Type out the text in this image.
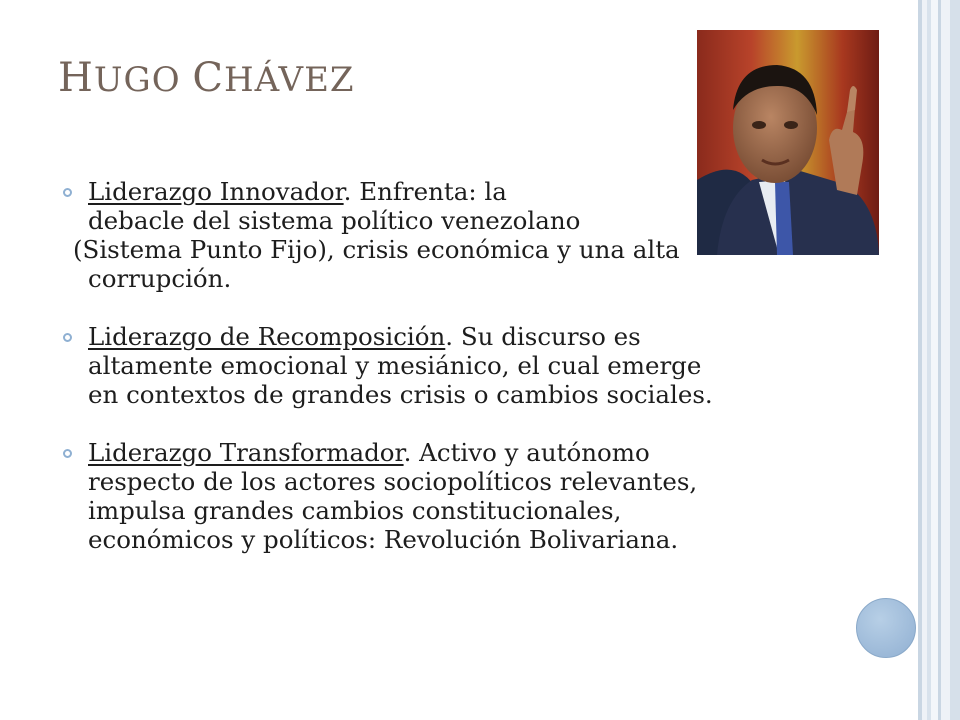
HUGO CHÁVEZ

Liderazgo Innovador. Enfrenta: la

debacle del sistema político venezolano

(Sistema Punto Fijo), crisis económica y una alta

corrupción.

Liderazgo de Recomposición. Su discurso es

altamente emocional y mesiánico, el cual emerge

en contextos de grandes crisis o cambios sociales.

Liderazgo Transformador. Activo y autónomo

respecto de los actores sociopolíticos relevantes,

impulsa grandes cambios constitucionales,

económicos y políticos: Revolución Bolivariana.
